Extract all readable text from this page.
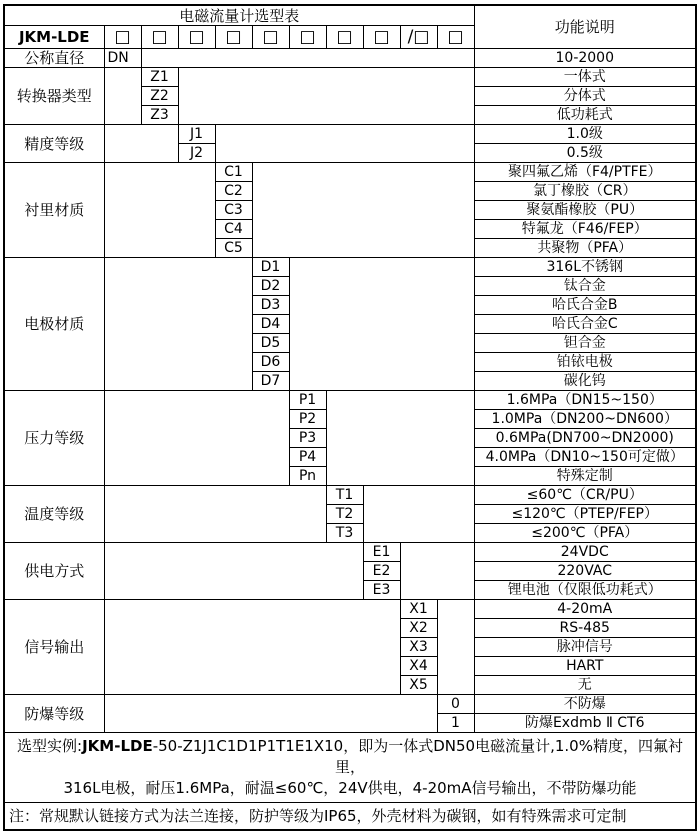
电磁流量计选型表											功能说明
JKM-LDE	□	□	□	□	□	□	□	□	/□	□	
公称直径	DN										10-2000
转换器类型		Z1									一体式
		Z2									分体式
		Z3									低功耗式
精度等级			J1								1.0级
			J2								0.5级
衬里材质				C1							聚四氟乙烯（F4/PTFE）
				C2							氯丁橡胶（CR）
				C3							聚氨酯橡胶（PU）
				C4							特氟龙（F46/FEP）
				C5							共聚物（PFA）
电极材质					D1						316L不锈钢
					D2						钛合金
					D3						哈氏合金B
					D4						哈氏合金C
					D5						钽合金
					D6						铂铱电极
					D7						碳化钨
压力等级						P1					1.6MPa（DN15~150）
						P2					1.0MPa（DN200~DN600）
						P3					0.6MPa(DN700~DN2000)
						P4					4.0MPa（DN10~150可定做）
						Pn					特殊定制
温度等级							T1				≤60℃（CR/PU）
							T2				≤120℃（PTEP/FEP）
							T3				≤200℃（PFA）
供电方式								E1			24VDC
								E2			220VAC
								E3			锂电池（仅限低功耗式）
信号输出									X1		4-20mA
									X2		RS-485
									X3		脉冲信号
									X4		HART
									X5		无
防爆等级										0	不防爆
										1	防爆Exdmb Ⅱ CT6

选型实例:JKM-LDE-50-Z1J1C1D1P1T1E1X10，即为一体式DN50电磁流量计,1.0%精度，四氟衬里，
316L电极，耐压1.6MPa，耐温≤60℃，24V供电，4-20mA信号输出，不带防爆功能											

注：常规默认链接方式为法兰连接，防护等级为IP65，外壳材料为碳钢，如有特殊需求可定制											
